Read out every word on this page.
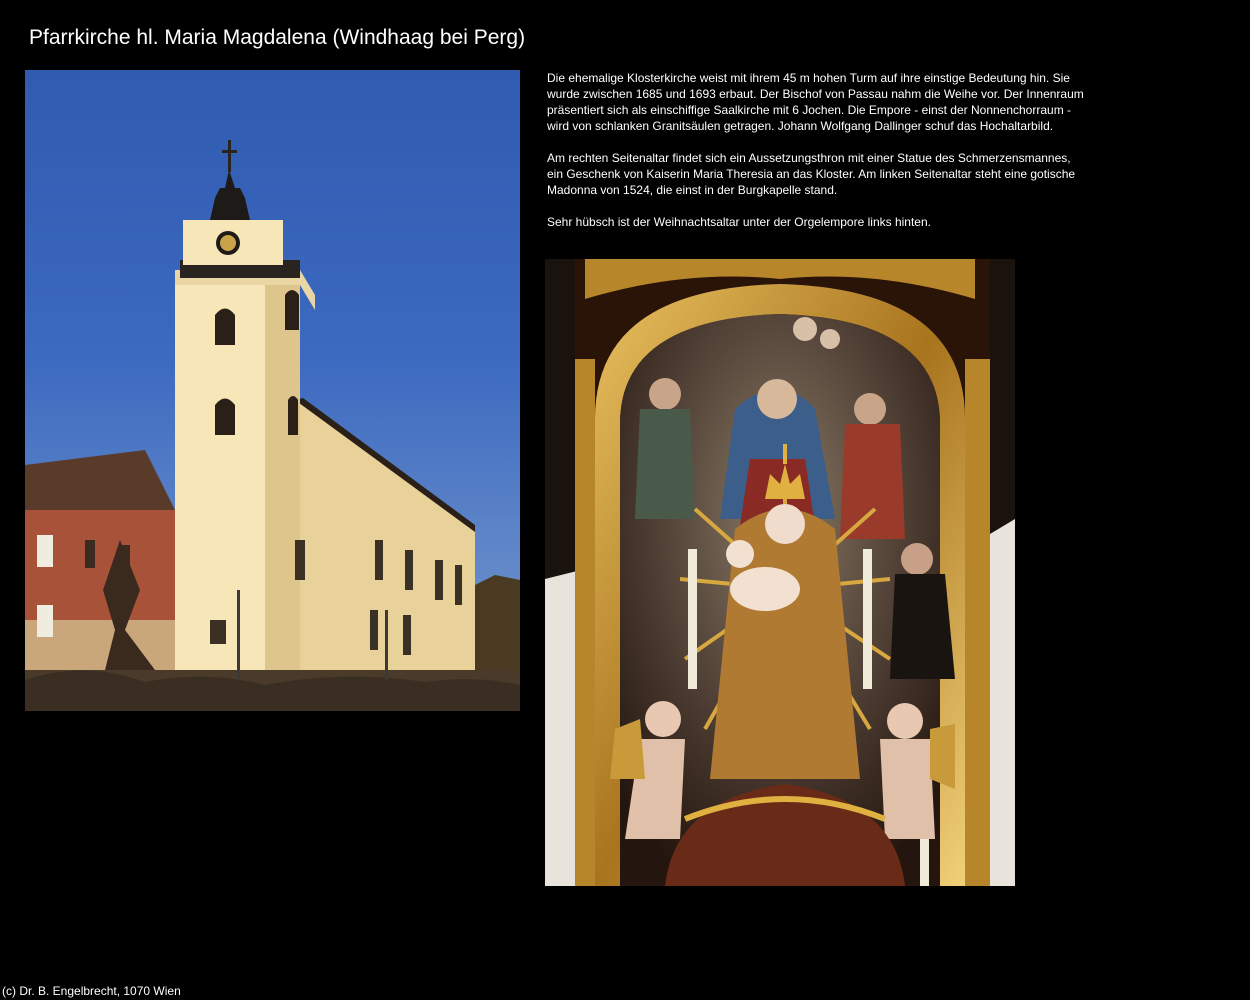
Pfarrkirche hl. Maria Magdalena (Windhaag bei Perg)

Die ehemalige Klosterkirche weist mit ihrem 45 m hohen Turm auf ihre einstige Bedeutung hin. Sie wurde zwischen 1685 und 1693 erbaut. Der Bischof von Passau nahm die Weihe vor. Der Innenraum präsentiert sich als einschiffige Saalkirche mit 6 Jochen. Die Empore - einst der Nonnenchorraum - wird von schlanken Granitsäulen getragen. Johann Wolfgang Dallinger schuf das Hochaltarbild.

Am rechten Seitenaltar findet sich ein Aussetzungsthron mit einer Statue des Schmerzensmannes, ein Geschenk von Kaiserin Maria Theresia an das Kloster. Am linken Seitenaltar steht eine gotische Madonna von 1524, die einst in der Burgkapelle stand.

Sehr hübsch ist der Weihnachtsaltar unter der Orgelempore links hinten.

(c) Dr. B. Engelbrecht, 1070 Wien
